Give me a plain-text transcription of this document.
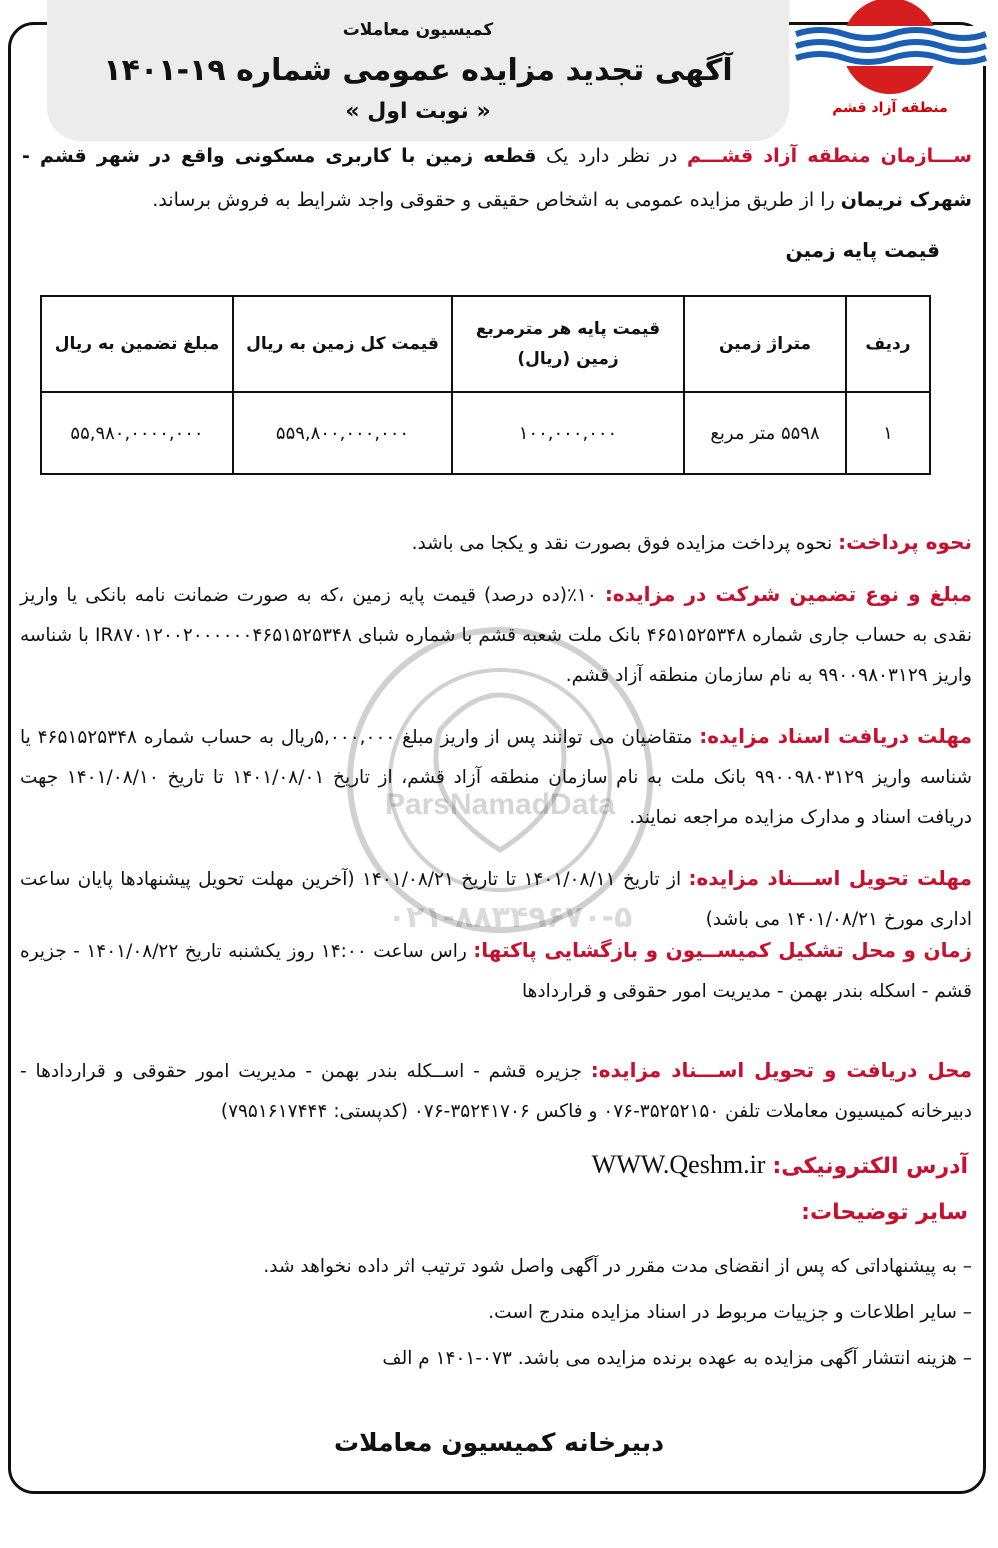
کمیسیون معاملات
آگهی تجدید مزایده عمومی شماره ۱۹-۱۴۰۱
« نوبت اول »	منطقه آزاد قشم
ســـازمان منطقه آزاد قشـــم در نظر دارد یک قطعه زمین با کاربری مسکونی واقع در شهر قشم - شهرک نریمان را از طریق مزایده عمومی به اشخاص حقیقی و حقوقی واجد شرایط به فروش برساند.
قیمت پایه زمین
ردیف	متراژ زمین	قیمت پایه هر مترمربع زمین (ریال)	قیمت کل زمین به ریال	مبلغ تضمین به ریال
۱	۵۵۹۸ متر مربع	۱۰۰,۰۰۰,۰۰۰	۵۵۹,۸۰۰,۰۰۰,۰۰۰	۵۵,۹۸۰,۰۰۰۰,۰۰۰
ParsNamadData
۰۲۱-۸۸۳۴۹۶۷۰-۵
نحوه پرداخت: نحوه پرداخت مزایده فوق بصورت نقد و یکجا می باشد.
مبلغ و نوع تضمین شرکت در مزایده: ۱۰٪(ده درصد) قیمت پایه زمین ،که به صورت ضمانت نامه بانکی یا واریز نقدی به حساب جاری شماره ۴۶۵۱۵۲۵۳۴۸ بانک ملت شعبه قشم با شماره شبای IR۸۷۰۱۲۰۰۲۰۰۰۰۰۰۴۶۵۱۵۲۵۳۴۸ با شناسه واریز ۹۹۰۰۹۸۰۳۱۲۹ به نام سازمان منطقه آزاد قشم.
مهلت دریافت اسناد مزایده: متقاضیان می توانند پس از واریز مبلغ ۵,۰۰۰,۰۰۰ریال به حساب شماره ۴۶۵۱۵۲۵۳۴۸ یا شناسه واریز ۹۹۰۰۹۸۰۳۱۲۹ بانک ملت به نام سازمان منطقه آزاد قشم، از تاریخ ۱۴۰۱/۰۸/۰۱ تا تاریخ ۱۴۰۱/۰۸/۱۰ جهت دریافت اسناد و مدارک مزایده مراجعه نمایند.
مهلت تحویل اســـناد مزایده: از تاریخ ۱۴۰۱/۰۸/۱۱ تا تاریخ ۱۴۰۱/۰۸/۲۱ (آخرین مهلت تحویل پیشنهادها پایان ساعت اداری مورخ ۱۴۰۱/۰۸/۲۱ می باشد)
زمان و محل تشکیل کمیســیون و بازگشایی پاکتها: راس ساعت ۱۴:۰۰ روز یکشنبه تاریخ ۱۴۰۱/۰۸/۲۲ - جزیره قشم - اسکله بندر بهمن - مدیریت امور حقوقی و قراردادها
محل دریافت و تحویل اســـناد مزایده: جزیره قشم - اســکله بندر بهمن - مدیریت امور حقوقی و قراردادها - دبیرخانه کمیسیون معاملات تلفن ۳۵۲۵۲۱۵۰-۰۷۶ و فاکس ۳۵۲۴۱۷۰۶-۰۷۶ (کدپستی: ۷۹۵۱۶۱۷۴۴۴)
آدرس الکترونیکی: WWW.Qeshm.ir
سایر توضیحات:
– به پیشنهاداتی که پس از انقضای مدت مقرر در آگهی واصل شود ترتیب اثر داده نخواهد شد.
– سایر اطلاعات و جزییات مربوط در اسناد مزایده مندرج است.
– هزینه انتشار آگهی مزایده به عهده برنده مزایده می باشد. ۰۷۳-۱۴۰۱ م الف
دبیرخانه کمیسیون معاملات
